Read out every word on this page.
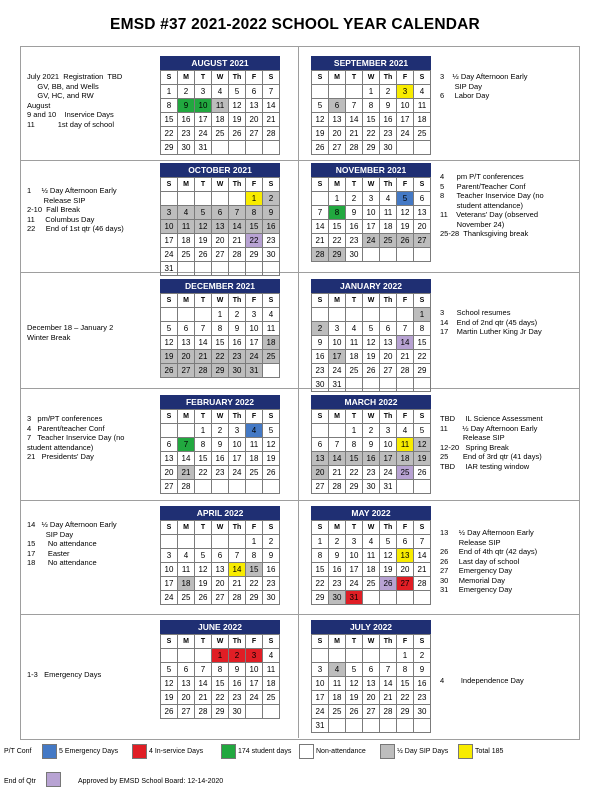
EMSD #37 2021-2022 SCHOOL YEAR CALENDAR
AUGUST 2021
S	M	T	W	Th	F	S
1	2	3	4	5	6	7
8	9	10	11	12	13	14
15	16	17	18	19	20	21
22	23	24	25	26	27	28
29	30	31				
SEPTEMBER 2021
S	M	T	W	Th	F	S
			1	2	3	4
5	6	7	8	9	10	11
12	13	14	15	16	17	18
19	20	21	22	23	24	25
26	27	28	29	30		
OCTOBER 2021
S	M	T	W	Th	F	S
					1	2
3	4	5	6	7	8	9
10	11	12	13	14	15	16
17	18	19	20	21	22	23
24	25	26	27	28	29	30
31						
NOVEMBER 2021
S	M	T	W	Th	F	S
	1	2	3	4	5	6
7	8	9	10	11	12	13
14	15	16	17	18	19	20
21	22	23	24	25	26	27
28	29	30				
DECEMBER 2021
S	M	T	W	Th	F	S
			1	2	3	4
5	6	7	8	9	10	11
12	13	14	15	16	17	18
19	20	21	22	23	24	25
26	27	28	29	30	31	
JANUARY 2022
S	M	T	W	Th	F	S
						1
2	3	4	5	6	7	8
9	10	11	12	13	14	15
16	17	18	19	20	21	22
23	24	25	26	27	28	29
30	31					
FEBRUARY 2022
S	M	T	W	Th	F	S
		1	2	3	4	5
6	7	8	9	10	11	12
13	14	15	16	17	18	19
20	21	22	23	24	25	26
27	28					
MARCH 2022
S	M	T	W	Th	F	S
		1	2	3	4	5
6	7	8	9	10	11	12
13	14	15	16	17	18	19
20	21	22	23	24	25	26
27	28	29	30	31		
APRIL 2022
S	M	T	W	Th	F	S
					1	2
3	4	5	6	7	8	9
10	11	12	13	14	15	16
17	18	19	20	21	22	23
24	25	26	27	28	29	30
MAY 2022
S	M	T	W	Th	F	S
1	2	3	4	5	6	7
8	9	10	11	12	13	14
15	16	17	18	19	20	21
22	23	24	25	26	27	28
29	30	31				
JUNE 2022
S	M	T	W	Th	F	S
			1	2	3	4
5	6	7	8	9	10	11
12	13	14	15	16	17	18
19	20	21	22	23	24	25
26	27	28	29	30		
JULY 2022
S	M	T	W	Th	F	S
					1	2
3	4	5	6	7	8	9
10	11	12	13	14	15	16
17	18	19	20	21	22	23
24	25	26	27	28	29	30
31						
July 2021  Registration  TBD
GV, BB, and Wells
GV, HC, and RW
August
9 and 10    Inservice Days
11           1st day of school
3    ½ Day Afternoon Early
SIP Day
6     Labor Day
1     ½ Day Afternoon Early
Release SIP
2-10  Fall Break
11     Columbus Day
22     End of 1st qtr (46 days)
4      pm P/T conferences
5      Parent/Teacher Conf
8      Teacher Inservice Day (no
student attendance)
11    Veterans' Day (observed
November 24)
25-28  Thanksgiving break
December 18 – January 2
Winter Break
3      School resumes
14    End of 2nd qtr (45 days)
17    Martin Luther King Jr Day
3   pm/PT conferences
4   Parent/teacher Conf
7   Teacher Inservice Day (no
student attendance)
21   Presidents' Day
TBD     IL Science Assessment
11       ½ Day Afternoon Early
Release SIP
12-20   Spring Break
25       End of 3rd qtr (41 days)
TBD     IAR testing window
14   ½ Day Afternoon Early
SIP Day
15      No attendance
17      Easter
18      No attendance
13     ½ Day Afternoon Early
Release SIP
26     End of 4th qtr (42 days)
26     Last day of school
27     Emergency Day
30     Memorial Day
31     Emergency Day
1-3   Emergency Days
4        Independence Day
P/T Conf	5 Emergency Days	4 In-service Days	174 student days	Non-attendance	½ Day SIP Days	Total 185
End of Qtr	Approved by EMSD School Board: 12-14-2020
